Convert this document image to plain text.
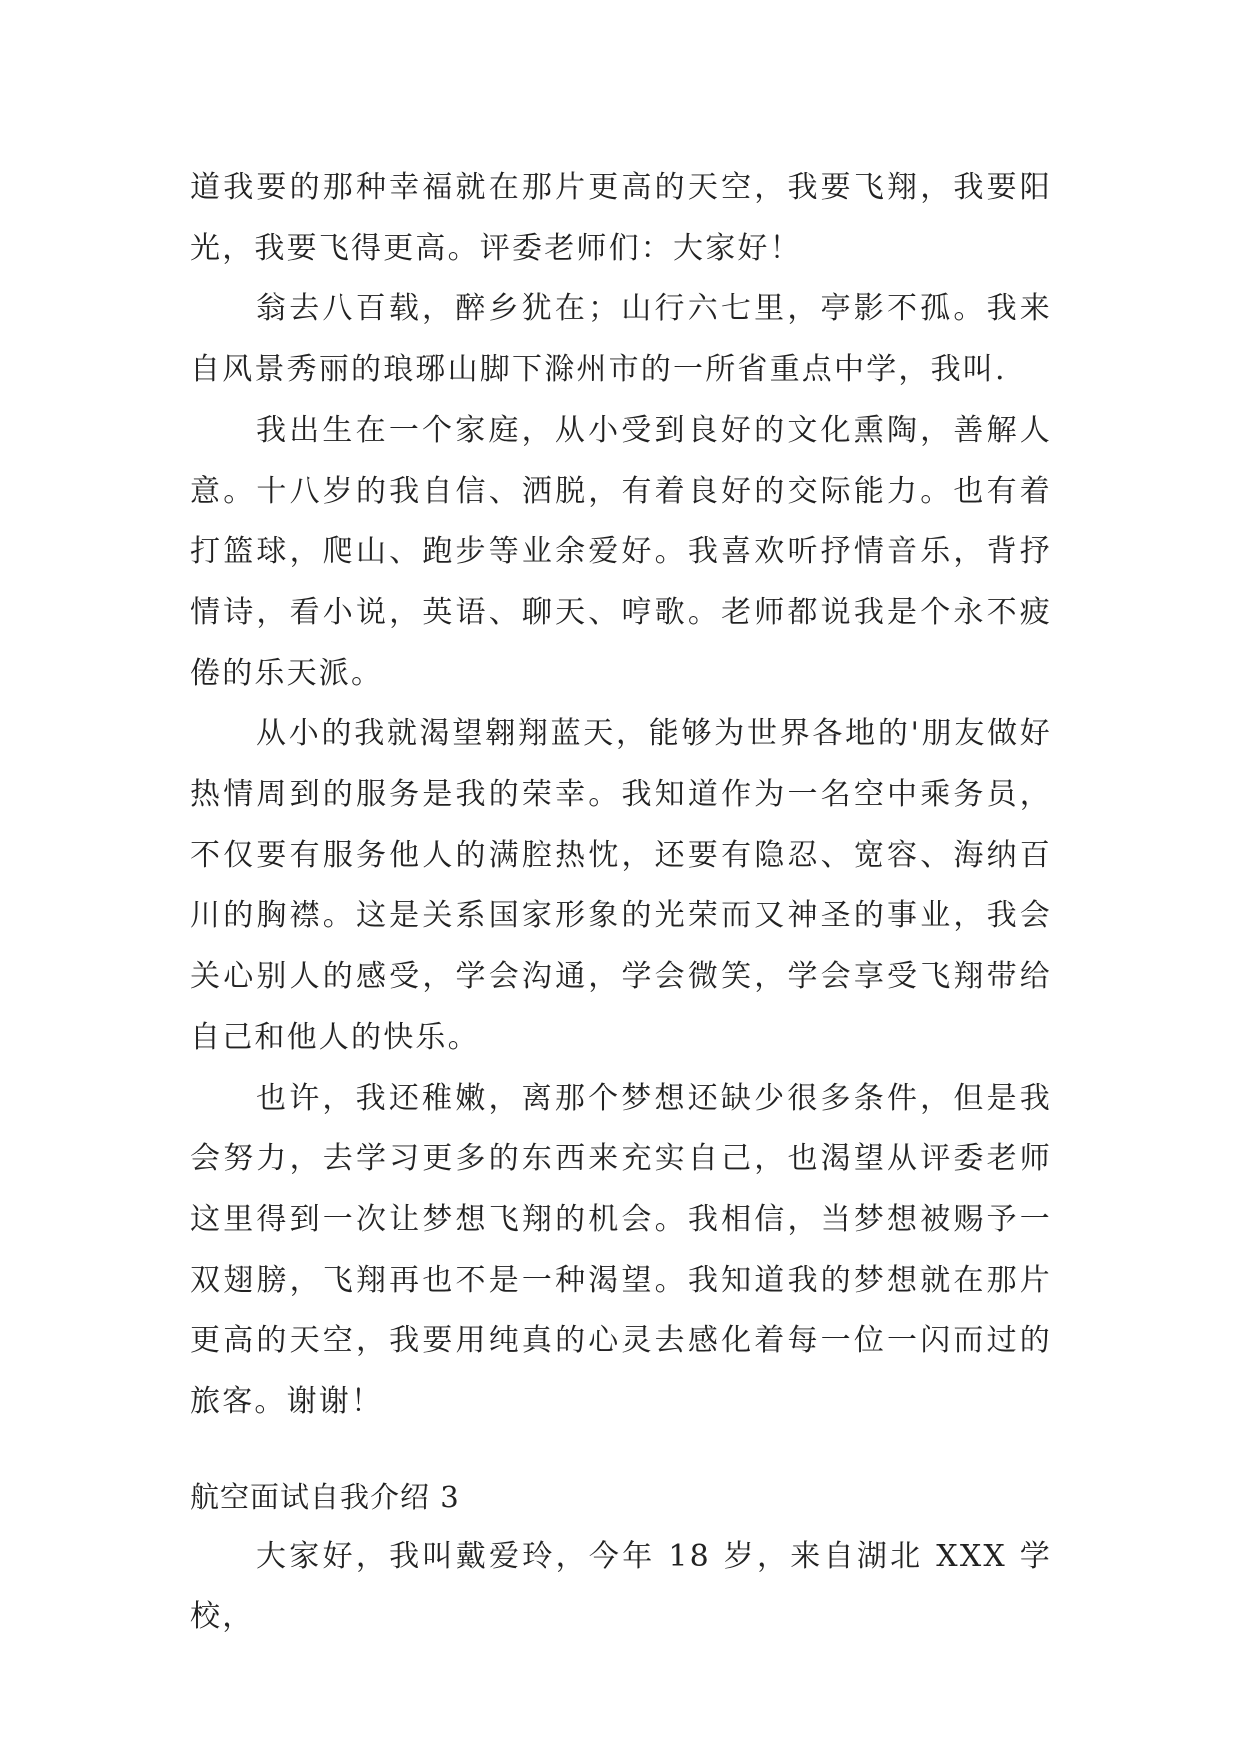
道我要的那种幸福就在那片更高的天空，我要飞翔，我要阳光，我要飞得更高。评委老师们：大家好！

翁去八百载，醉乡犹在；山行六七里，亭影不孤。我来自风景秀丽的琅琊山脚下滁州市的一所省重点中学，我叫.

我出生在一个家庭，从小受到良好的文化熏陶，善解人意。十八岁的我自信、洒脱，有着良好的交际能力。也有着打篮球，爬山、跑步等业余爱好。我喜欢听抒情音乐，背抒情诗，看小说，英语、聊天、哼歌。老师都说我是个永不疲倦的乐天派。

从小的我就渴望翱翔蓝天，能够为世界各地的'朋友做好热情周到的服务是我的荣幸。我知道作为一名空中乘务员，不仅要有服务他人的满腔热忱，还要有隐忍、宽容、海纳百川的胸襟。这是关系国家形象的光荣而又神圣的事业，我会关心别人的感受，学会沟通，学会微笑，学会享受飞翔带给自己和他人的快乐。

也许，我还稚嫩，离那个梦想还缺少很多条件，但是我会努力，去学习更多的东西来充实自己，也渴望从评委老师这里得到一次让梦想飞翔的机会。我相信，当梦想被赐予一双翅膀，飞翔再也不是一种渴望。我知道我的梦想就在那片更高的天空，我要用纯真的心灵去感化着每一位一闪而过的旅客。谢谢！

航空面试自我介绍 3

大家好，我叫戴爱玲，今年 18 岁，来自湖北 XXX 学校，
